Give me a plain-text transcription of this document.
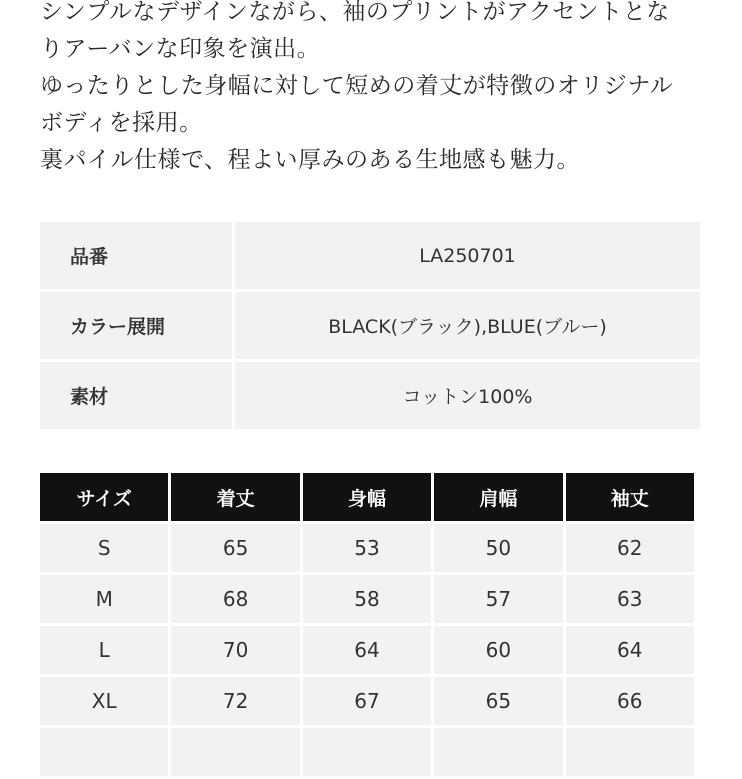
シンプルなデザインながら、袖のプリントがアクセントとな

りアーバンな印象を演出。

ゆったりとした身幅に対して短めの着丈が特徴のオリジナル

ボディを採用。

裏パイル仕様で、程よい厚みのある生地感も魅力。

品番	LA250701
カラー展開	BLACK(ブラック),BLUE(ブルー)
素材	コットン100%
サイズ	着丈	身幅	肩幅	袖丈
S	65	53	50	62
M	68	58	57	63
L	70	64	60	64
XL	72	67	65	66
